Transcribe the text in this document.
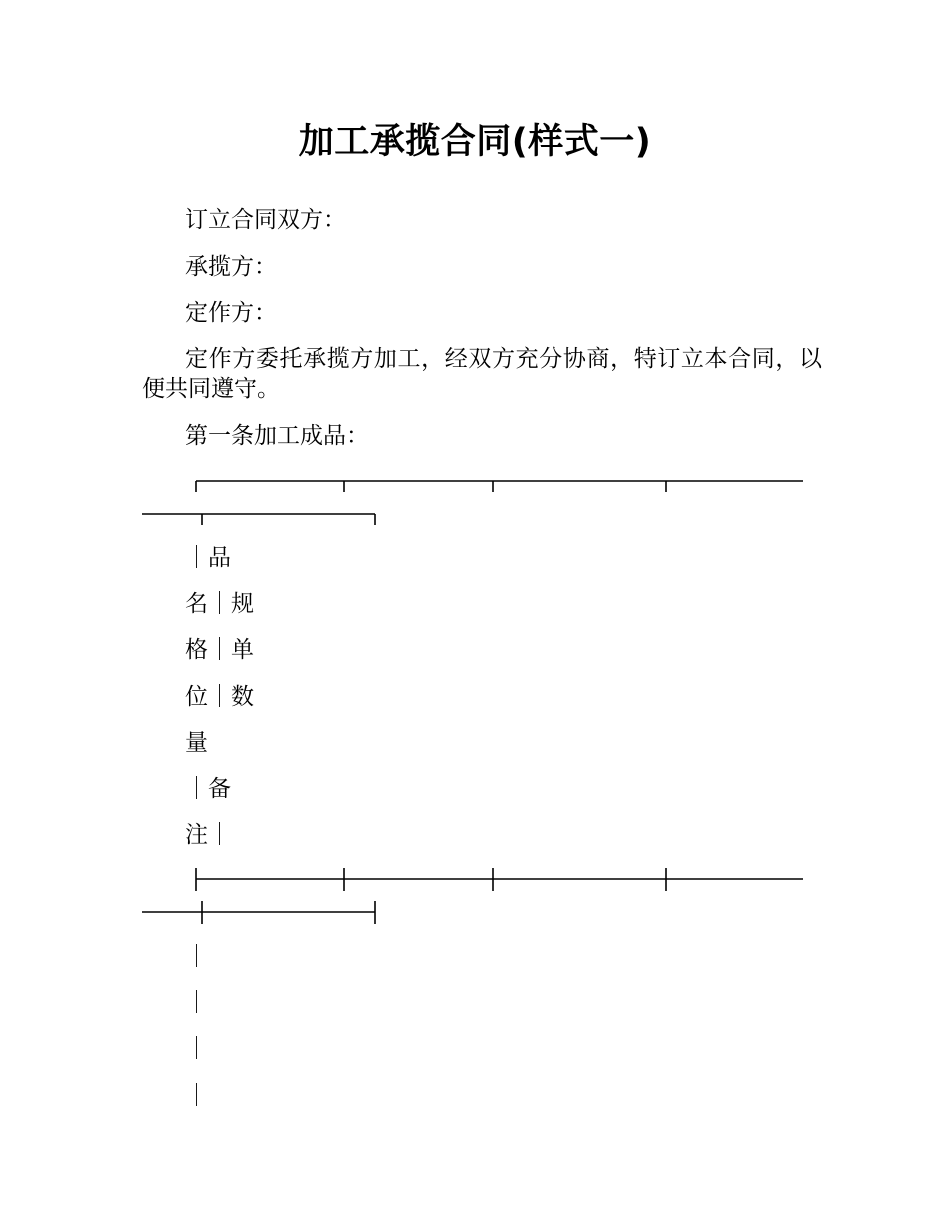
加工承揽合同(样式一)
订立合同双方：
承揽方：
定作方：
定作方委托承揽方加工，经双方充分协商，特订立本合同，以便共同遵守。
第一条加工成品：
｜品
名｜规
格｜单
位｜数
量
｜备
注｜
｜
｜
｜
｜
